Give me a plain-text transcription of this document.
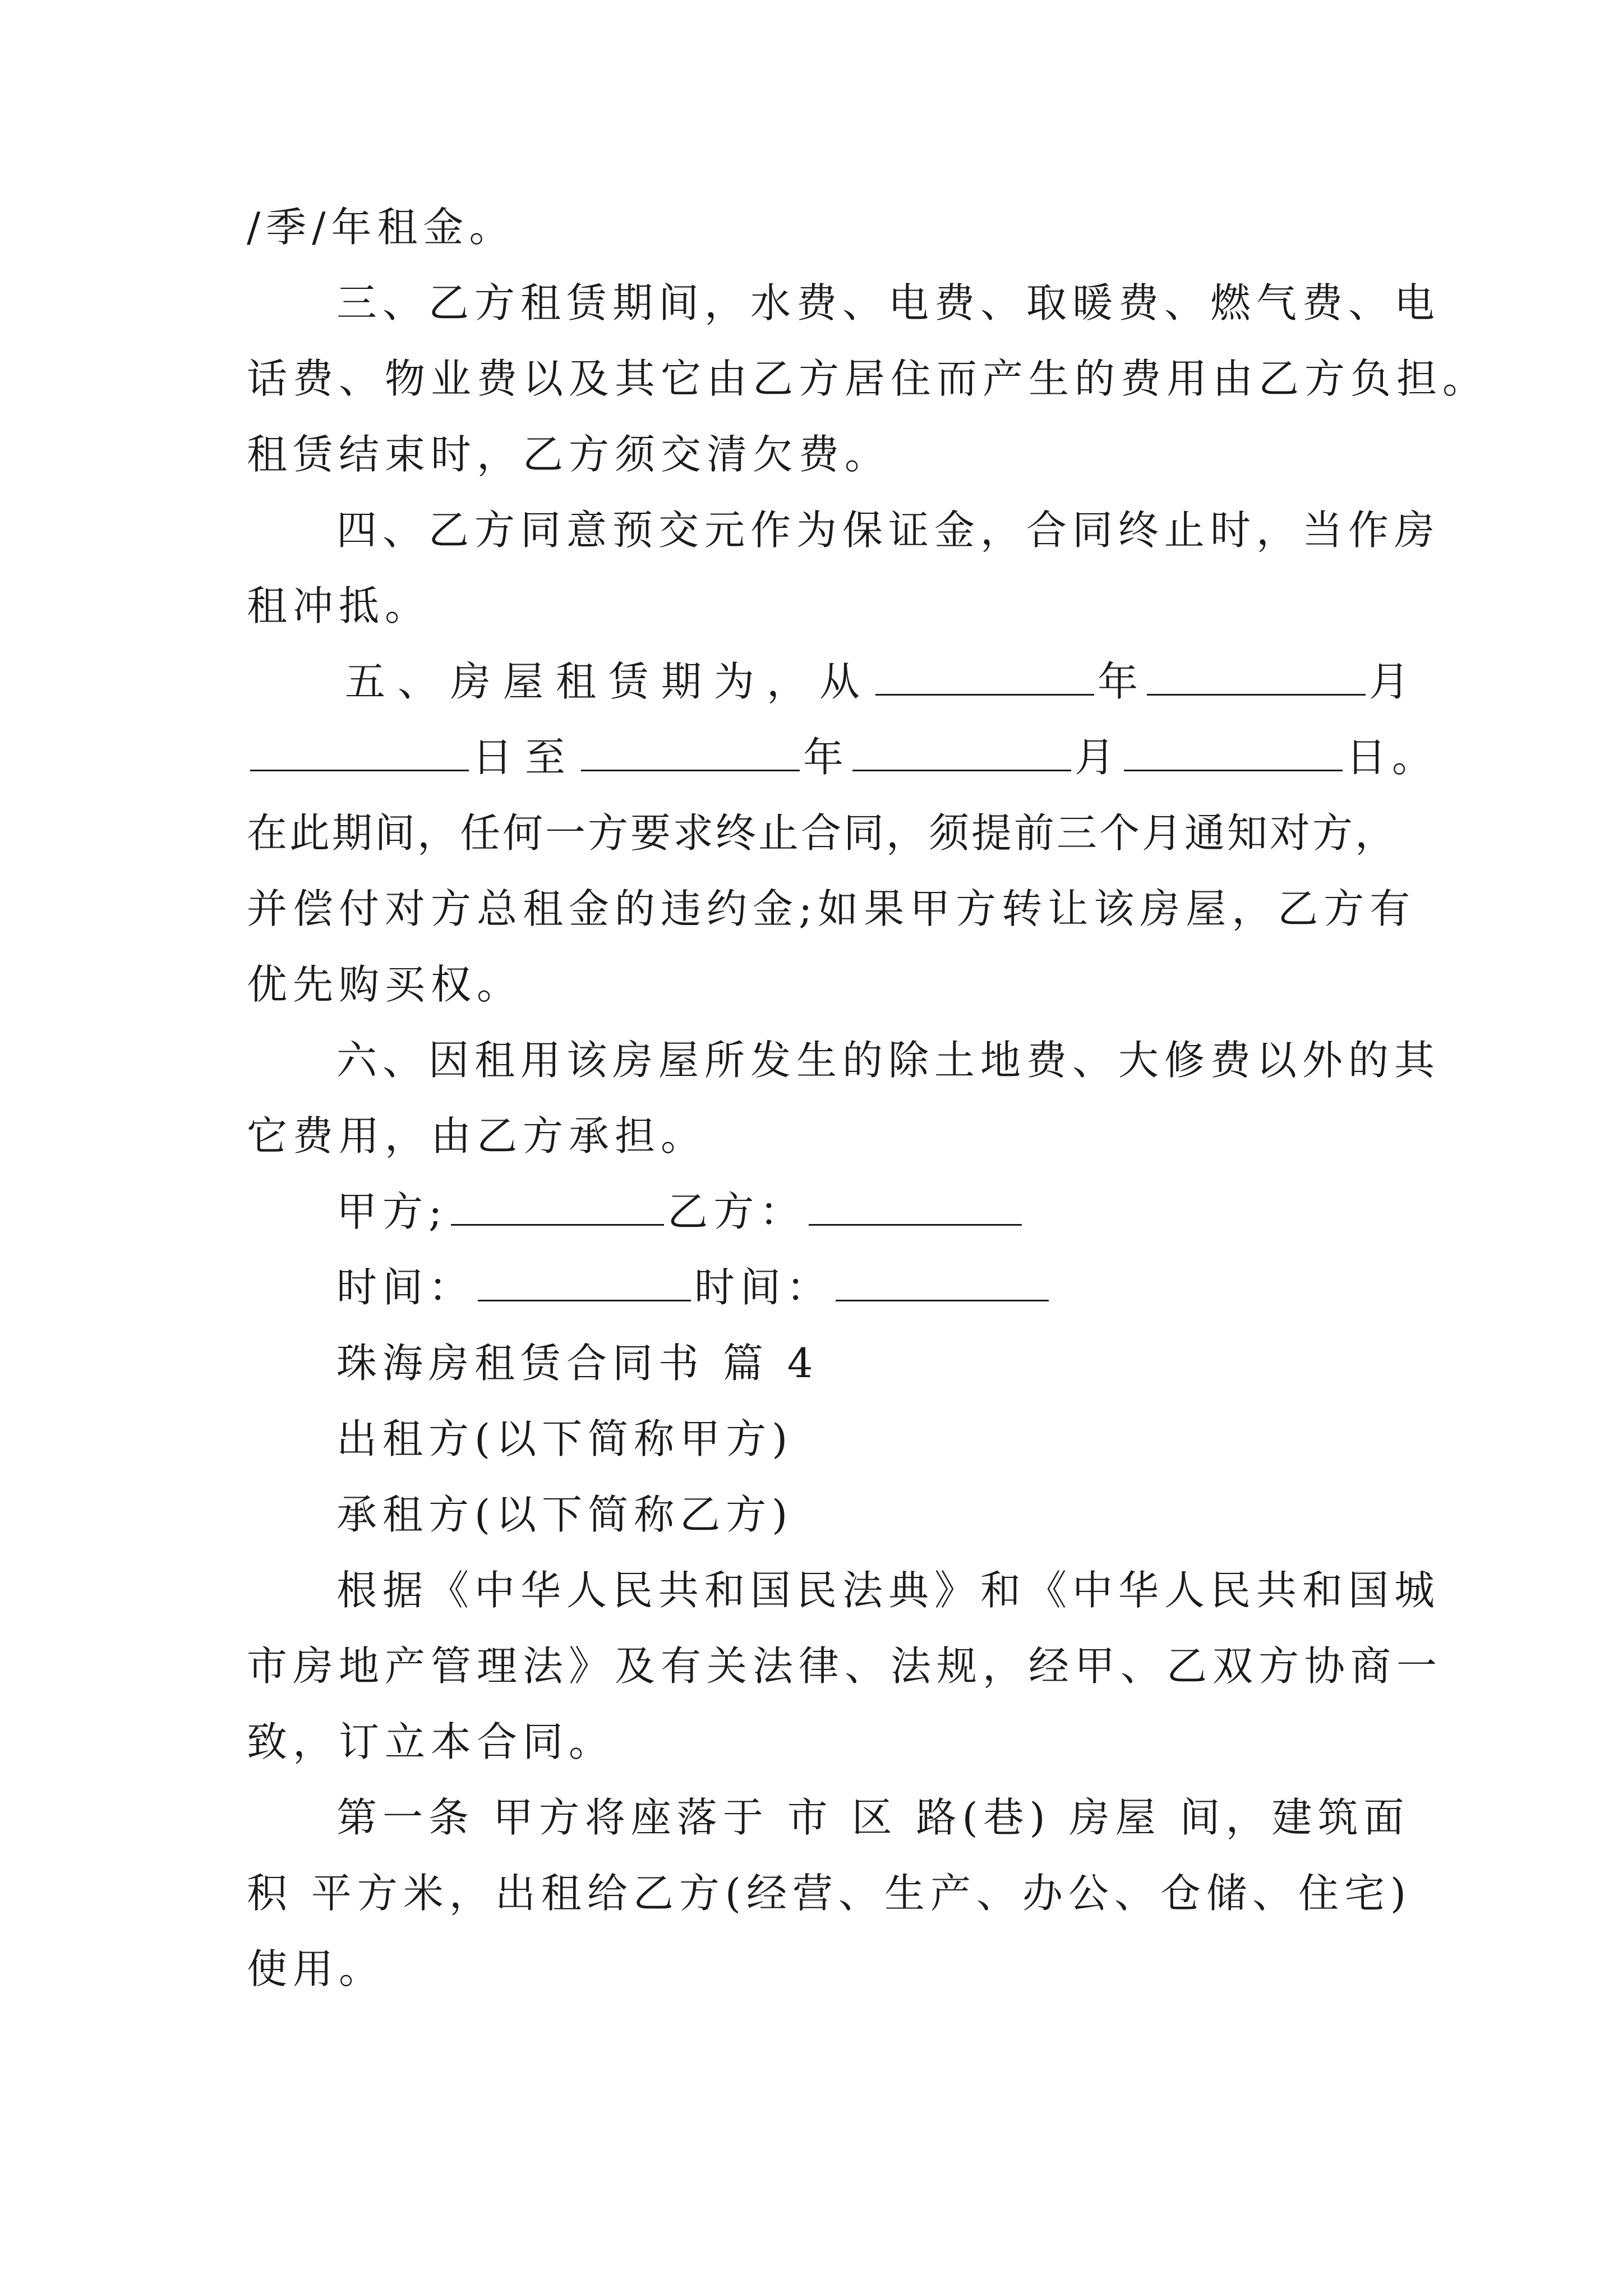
/季/年租金。
三、乙方租赁期间，水费、电费、取暖费、燃气费、电
话费、物业费以及其它由乙方居住而产生的费用由乙方负担。
租赁结束时，乙方须交清欠费。
四、乙方同意预交元作为保证金，合同终止时，当作房
租冲抵。
五、房屋租赁期为，从	年	月
日至	年	月	日。
在此期间，任何一方要求终止合同，须提前三个月通知对方，
并偿付对方总租金的违约金;如果甲方转让该房屋，乙方有
优先购买权。
六、因租用该房屋所发生的除土地费、大修费以外的其
它费用，由乙方承担。
甲方;	乙方：
时间：	时间：
珠海房租赁合同书 篇 4
出租方(以下简称甲方)
承租方(以下简称乙方)
根据《中华人民共和国民法典》和《中华人民共和国城
市房地产管理法》及有关法律、法规，经甲、乙双方协商一
致，订立本合同。
第一条 甲方将座落于 市 区 路(巷) 房屋 间，建筑面
积 平方米，出租给乙方(经营、生产、办公、仓储、住宅)
使用。
